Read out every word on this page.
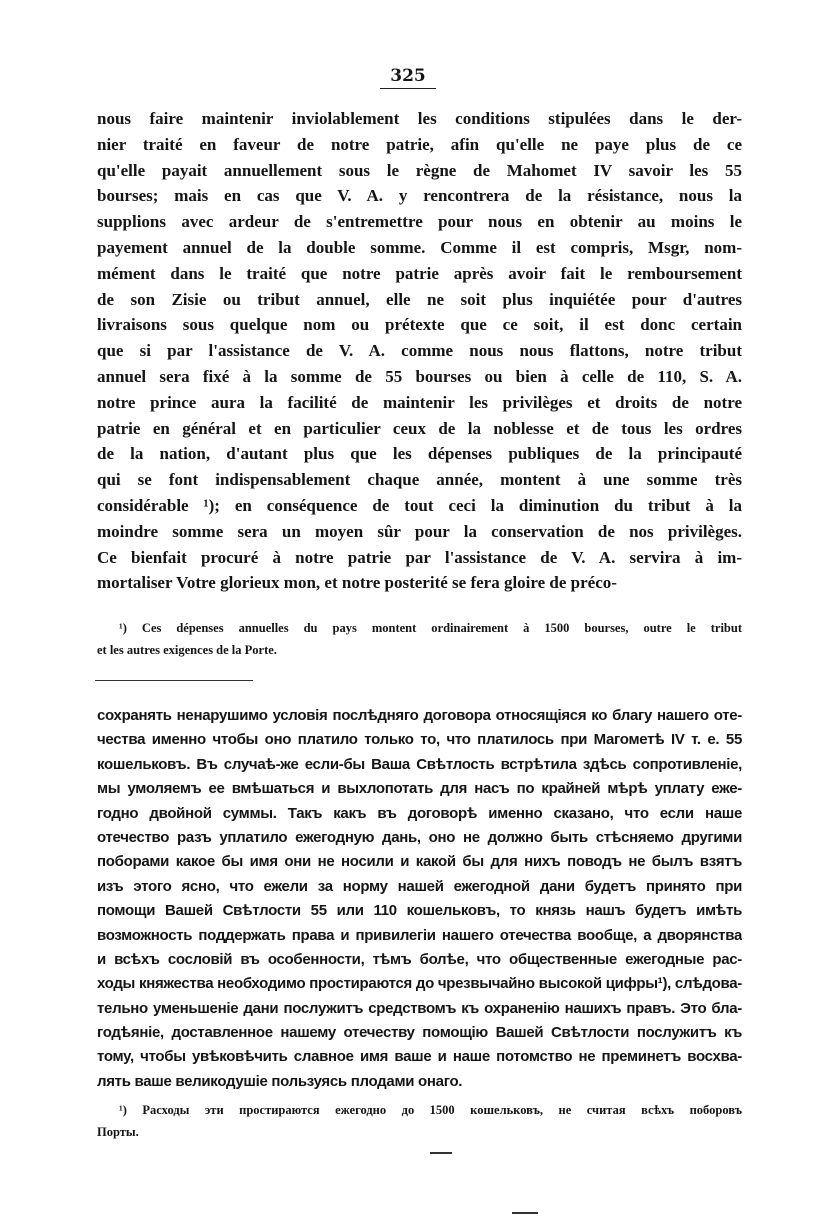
325
nous faire maintenir inviolablement les conditions stipulées dans le der-
nier traité en faveur de notre patrie, afin qu'elle ne paye plus de ce
qu'elle payait annuellement sous le règne de Mahomet IV savoir les 55
bourses; mais en cas que V. A. y rencontrera de la résistance, nous la
supplions avec ardeur de s'entremettre pour nous en obtenir au moins le
payement annuel de la double somme. Comme il est compris, Msgr, nom-
mément dans le traité que notre patrie après avoir fait le remboursement
de son Zisie ou tribut annuel, elle ne soit plus inquiétée pour d'autres
livraisons sous quelque nom ou prétexte que ce soit, il est donc certain
que si par l'assistance de V. A. comme nous nous flattons, notre tribut
annuel sera fixé à la somme de 55 bourses ou bien à celle de 110, S. A.
notre prince aura la facilité de maintenir les privilèges et droits de notre
patrie en général et en particulier ceux de la noblesse et de tous les ordres
de la nation, d'autant plus que les dépenses publiques de la principauté
qui se font indispensablement chaque année, montent à une somme très
considérable ¹); en conséquence de tout ceci la diminution du tribut à la
moindre somme sera un moyen sûr pour la conservation de nos privilèges.
Ce bienfait procuré à notre patrie par l'assistance de V. A. servira à im-
mortaliser Votre glorieux mon, et notre posterité se fera gloire de préco-
¹) Ces dépenses annuelles du pays montent ordinairement à 1500 bourses, outre le tribut
et les autres exigences de la Porte.
сохранять ненарушимо условія послѣдняго договора относящіяся ко благу нашего оте-
чества именно чтобы оно платило только то, что платилось при Магометѣ IV т. е. 55
кошельковъ. Въ случаѣ-же если-бы Ваша Свѣтлость встрѣтила здѣсь сопротивленіе,
мы умоляемъ ее вмѣшаться и выхлопотать для насъ по крайней мѣрѣ уплату еже-
годно двойной суммы. Такъ какъ въ договорѣ именно сказано, что если наше
отечество разъ уплатило ежегодную дань, оно не должно быть стѣсняемо другими
поборами какое бы имя они не носили и какой бы для нихъ поводъ не былъ взятъ
изъ этого ясно, что ежели за норму нашей ежегодной дани будетъ принято при
помощи Вашей Свѣтлости 55 или 110 кошельковъ, то князь нашъ будетъ имѣть
возможность поддержать права и привилегіи нашего отечества вообще, а дворянства
и всѣхъ сословій въ особенности, тѣмъ болѣе, что общественные ежегодные рас-
ходы княжества необходимо простираются до чрезвычайно высокой цифры¹), слѣдова-
тельно уменьшеніе дани послужитъ средствомъ къ охраненію нашихъ правъ. Это бла-
годѣяніе, доставленное нашему отечеству помощію Вашей Свѣтлости послужитъ къ
тому, чтобы увѣковѣчить славное имя ваше и наше потомство не преминетъ восхва-
лять ваше великодушіе пользуясь плодами онаго.
¹) Расходы эти простираются ежегодно до 1500 кошельковъ, не считая всѣхъ поборовъ
Порты.
